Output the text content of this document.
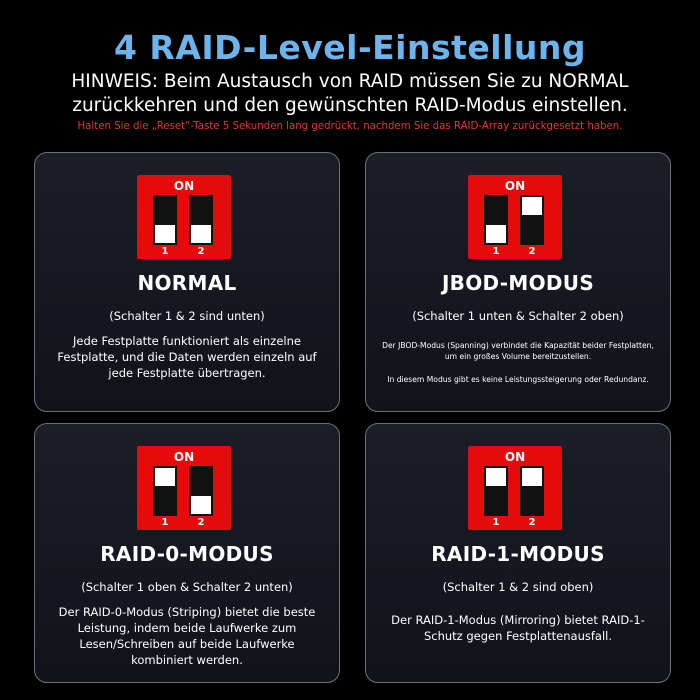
4 RAID-Level-Einstellung
HINWEIS: Beim Austausch von RAID müssen Sie zu NORMAL zurückkehren und den gewünschten RAID-Modus einstellen.
Halten Sie die „Reset“-Taste 5 Sekunden lang gedrückt, nachdem Sie das RAID-Array zurückgesetzt haben.
ON
1	2
NORMAL
(Schalter 1 & 2 sind unten)
Jede Festplatte funktioniert als einzelne Festplatte, und die Daten werden einzeln auf jede Festplatte übertragen.
ON
1	2
JBOD-MODUS
(Schalter 1 unten & Schalter 2 oben)
Der JBOD-Modus (Spanning) verbindet die Kapazität beider Festplatten, um ein großes Volume bereitzustellen.
In diesem Modus gibt es keine Leistungssteigerung oder Redundanz.
ON
1	2
RAID-0-MODUS
(Schalter 1 oben & Schalter 2 unten)
Der RAID-0-Modus (Striping) bietet die beste Leistung, indem beide Laufwerke zum Lesen/Schreiben auf beide Laufwerke kombiniert werden.
ON
1	2
RAID-1-MODUS
(Schalter 1 & 2 sind oben)
Der RAID-1-Modus (Mirroring) bietet RAID-1-Schutz gegen Festplattenausfall.
